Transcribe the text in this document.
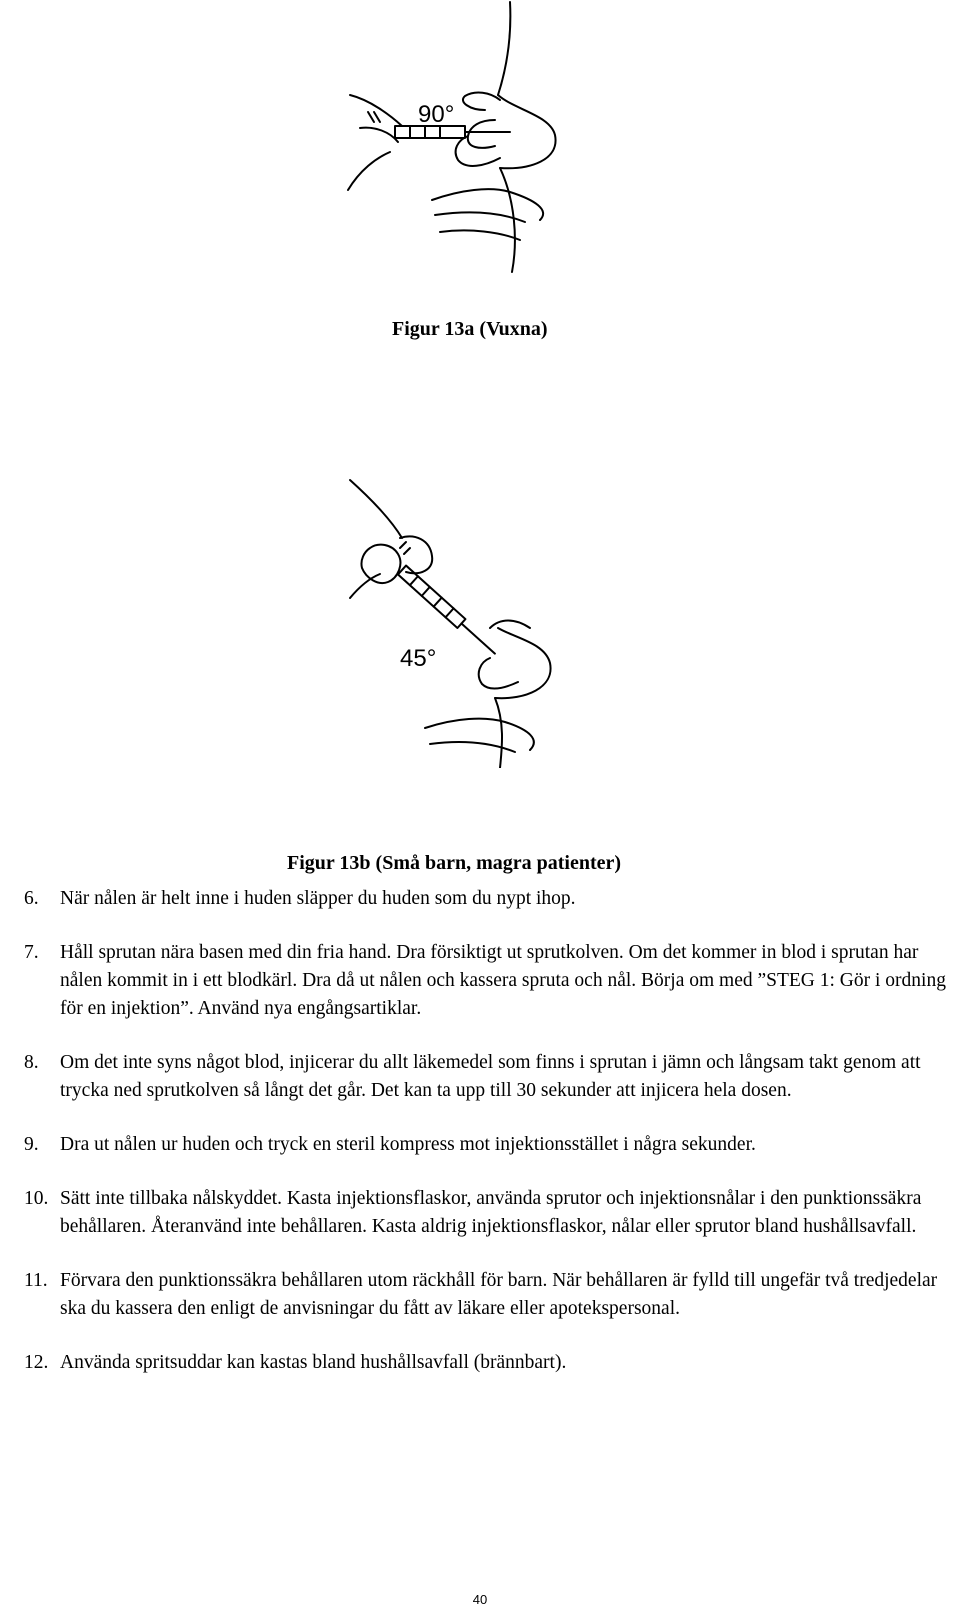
90°
Figur 13a (Vuxna)
45°
Figur 13b (Små barn, magra patienter)
6. När nålen är helt inne i huden släpper du huden som du nypt ihop.
7. Håll sprutan nära basen med din fria hand. Dra försiktigt ut sprutkolven. Om det kommer in blod i sprutan har nålen kommit in i ett blodkärl. Dra då ut nålen och kassera spruta och nål. Börja om med ”STEG 1: Gör i ordning för en injektion”. Använd nya engångsartiklar.
8. Om det inte syns något blod, injicerar du allt läkemedel som finns i sprutan i jämn och långsam takt genom att trycka ned sprutkolven så långt det går. Det kan ta upp till 30 sekunder att injicera hela dosen.
9. Dra ut nålen ur huden och tryck en steril kompress mot injektionsstället i några sekunder.
10. Sätt inte tillbaka nålskyddet. Kasta injektionsflaskor, använda sprutor och injektionsnålar i den punktionssäkra behållaren. Återanvänd inte behållaren. Kasta aldrig injektionsflaskor, nålar eller sprutor bland hushållsavfall.
11. Förvara den punktionssäkra behållaren utom räckhåll för barn. När behållaren är fylld till ungefär två tredjedelar ska du kassera den enligt de anvisningar du fått av läkare eller apotekspersonal.
12. Använda spritsuddar kan kastas bland hushållsavfall (brännbart).
40
